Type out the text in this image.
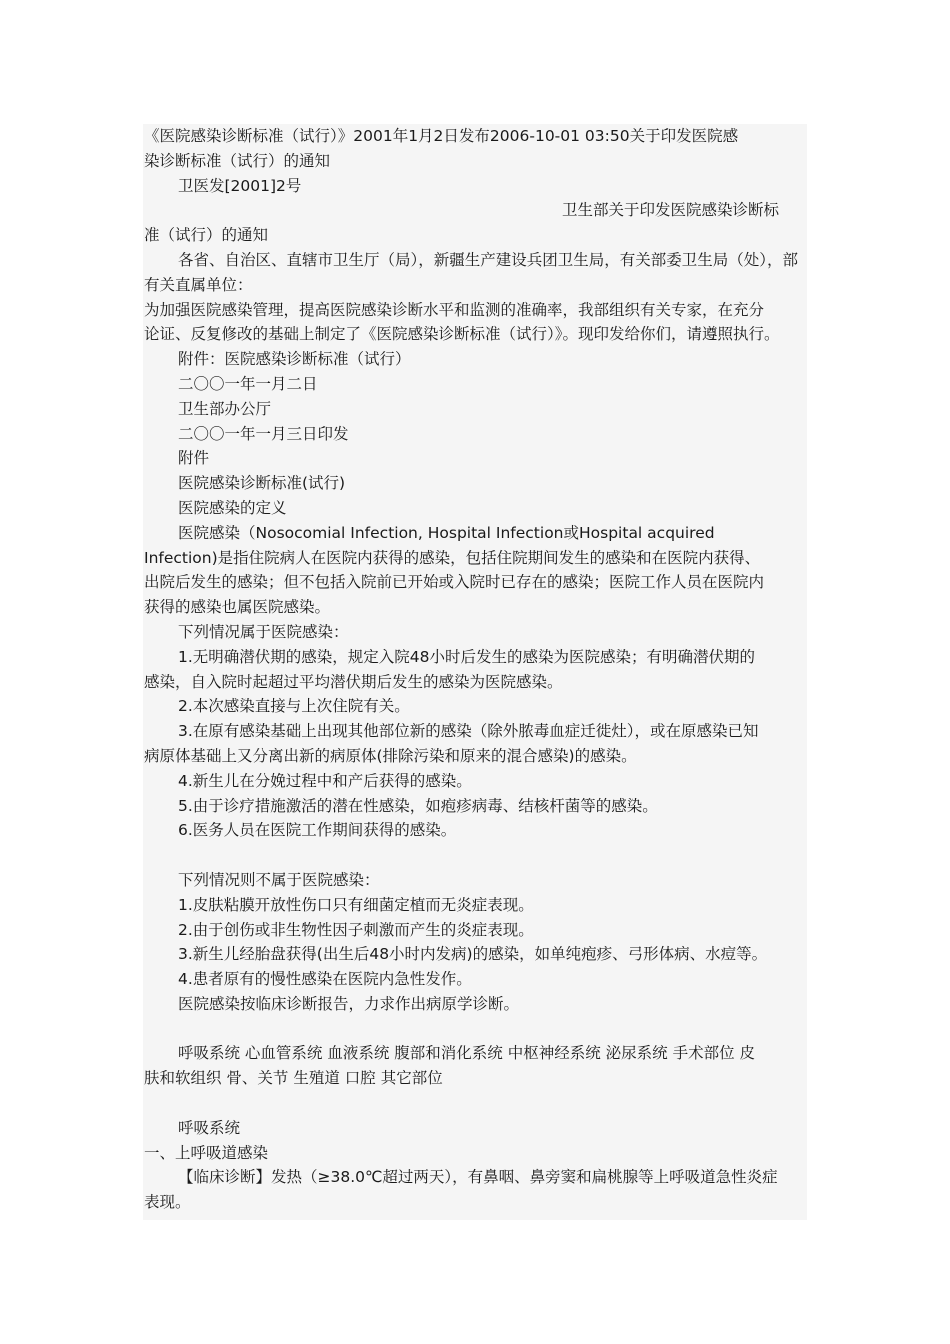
《医院感染诊断标准（试行）》2001年1月2日发布2006-10-01 03:50关于印发医院感
染诊断标准（试行）的通知
卫医发[2001]2号
卫生部关于印发医院感染诊断标
准（试行）的通知
各省、自治区、直辖市卫生厅（局），新疆生产建设兵团卫生局，有关部委卫生局（处），部
有关直属单位：
为加强医院感染管理，提高医院感染诊断水平和监测的准确率，我部组织有关专家，在充分
论证、反复修改的基础上制定了《医院感染诊断标准（试行）》。现印发给你们，请遵照执行。
附件：医院感染诊断标准（试行）
二〇〇一年一月二日
卫生部办公厅
二〇〇一年一月三日印发
附件
医院感染诊断标准(试行)
医院感染的定义
医院感染（Nosocomial Infection, Hospital Infection或Hospital acquired
Infection)是指住院病人在医院内获得的感染，包括住院期间发生的感染和在医院内获得、
出院后发生的感染；但不包括入院前已开始或入院时已存在的感染；医院工作人员在医院内
获得的感染也属医院感染。
下列情况属于医院感染：
1.无明确潜伏期的感染，规定入院48小时后发生的感染为医院感染；有明确潜伏期的
感染，自入院时起超过平均潜伏期后发生的感染为医院感染。
2.本次感染直接与上次住院有关。
3.在原有感染基础上出现其他部位新的感染（除外脓毒血症迁徙灶），或在原感染已知
病原体基础上又分离出新的病原体(排除污染和原来的混合感染)的感染。
4.新生儿在分娩过程中和产后获得的感染。
5.由于诊疗措施激活的潜在性感染，如疱疹病毒、结核杆菌等的感染。
6.医务人员在医院工作期间获得的感染。
下列情况则不属于医院感染：
1.皮肤粘膜开放性伤口只有细菌定植而无炎症表现。
2.由于创伤或非生物性因子刺激而产生的炎症表现。
3.新生儿经胎盘获得(出生后48小时内发病)的感染，如单纯疱疹、弓形体病、水痘等。
4.患者原有的慢性感染在医院内急性发作。
医院感染按临床诊断报告，力求作出病原学诊断。
呼吸系统 心血管系统 血液系统 腹部和消化系统 中枢神经系统 泌尿系统 手术部位 皮
肤和软组织 骨、关节 生殖道 口腔 其它部位
呼吸系统
一、上呼吸道感染
【临床诊断】发热（≥38.0℃超过两天），有鼻咽、鼻旁窦和扁桃腺等上呼吸道急性炎症
表现。
